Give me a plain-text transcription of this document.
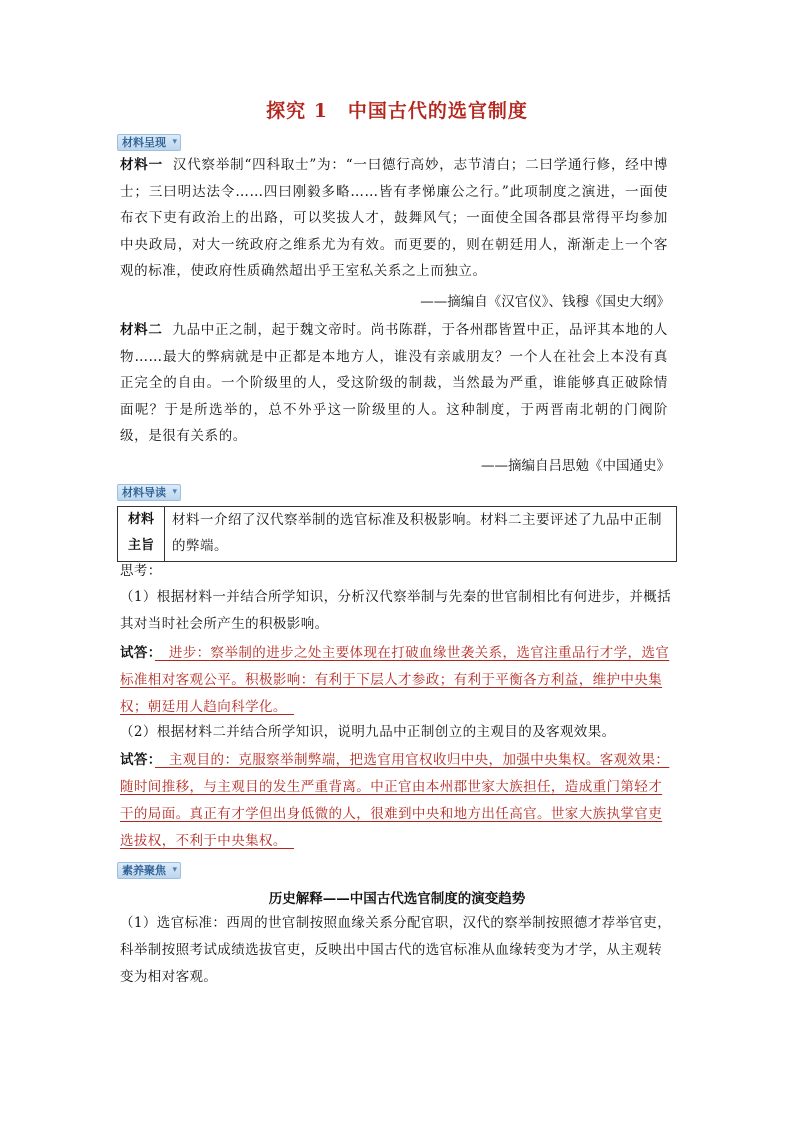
探究 1　中国古代的选官制度
材料呈现 ▾
材料一 汉代察举制“四科取士”为：“一曰德行高妙，志节清白；二曰学通行修，经中博士；三曰明达法令……四曰刚毅多略……皆有孝悌廉公之行。”此项制度之演进，一面使布衣下吏有政治上的出路，可以奖拔人才，鼓舞风气；一面使全国各郡县常得平均参加中央政局，对大一统政府之维系尤为有效。而更要的，则在朝廷用人，渐渐走上一个客观的标准，使政府性质确然超出乎王室私关系之上而独立。
——摘编自《汉官仪》、钱穆《国史大纲》
材料二 九品中正之制，起于魏文帝时。尚书陈群，于各州郡皆置中正，品评其本地的人物……最大的弊病就是中正都是本地方人，谁没有亲戚朋友？一个人在社会上本没有真正完全的自由。一个阶级里的人，受这阶级的制裁，当然最为严重，谁能够真正破除情面呢？于是所选举的，总不外乎这一阶级里的人。这种制度，于两晋南北朝的门阀阶级，是很有关系的。
——摘编自吕思勉《中国通史》
材料导读 ▾
材料
主旨
材料一介绍了汉代察举制的选官标准及积极影响。材料二主要评述了九品中正制的弊端。
思考：
（1）根据材料一并结合所学知识，分析汉代察举制与先秦的世官制相比有何进步，并概括其对当时社会所产生的积极影响。
试答：　进步：察举制的进步之处主要体现在打破血缘世袭关系，选官注重品行才学，选官标准相对客观公平。积极影响：有利于下层人才参政；有利于平衡各方利益，维护中央集权；朝廷用人趋向科学化。　
（2）根据材料二并结合所学知识，说明九品中正制创立的主观目的及客观效果。
试答：　主观目的：克服察举制弊端，把选官用官权收归中央，加强中央集权。客观效果：随时间推移，与主观目的发生严重背离。中正官由本州郡世家大族担任，造成重门第轻才干的局面。真正有才学但出身低微的人，很难到中央和地方出任高官。世家大族执掌官吏选拔权，不利于中央集权。　
素养聚焦 ▾
历史解释——中国古代选官制度的演变趋势
（1）选官标准：西周的世官制按照血缘关系分配官职，汉代的察举制按照德才荐举官吏，科举制按照考试成绩选拔官吏，反映出中国古代的选官标准从血缘转变为才学，从主观转变为相对客观。
